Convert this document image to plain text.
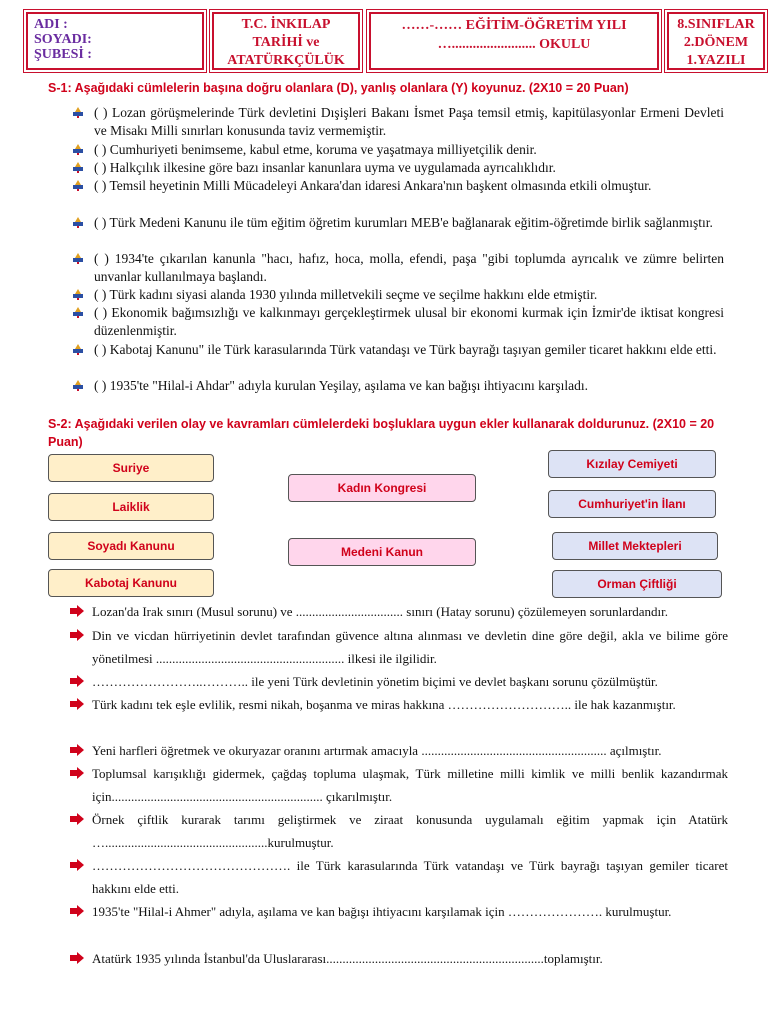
ADI :
SOYADI:
ŞUBESİ :
T.C. İNKILAP
TARİHİ ve
ATATÜRKÇÜLÜK
……-…… EĞİTİM-ÖĞRETİM YILI
…........................ OKULU
8.SINIFLAR
2.DÖNEM
1.YAZILI
S-1: Aşağıdaki cümlelerin başına doğru olanlara (D), yanlış olanlara (Y) koyunuz. (2X10 = 20 Puan)
( ) Lozan görüşmelerinde Türk devletini Dışişleri Bakanı İsmet Paşa temsil etmiş, kapitülasyonlar Ermeni Devleti ve Misakı Milli sınırları konusunda taviz vermemiştir.
( ) Cumhuriyeti benimseme, kabul etme, koruma ve yaşatmaya milliyetçilik denir.
( ) Halkçılık ilkesine göre bazı insanlar kanunlara uyma ve uygulamada ayrıcalıklıdır.
( ) Temsil heyetinin Milli Mücadeleyi Ankara'dan idaresi Ankara'nın başkent olmasında etkili olmuştur.
( ) Türk Medeni Kanunu ile tüm eğitim öğretim kurumları MEB'e bağlanarak eğitim-öğretimde birlik sağlanmıştır.
( ) 1934'te çıkarılan kanunla "hacı, hafız, hoca, molla, efendi, paşa "gibi toplumda ayrıcalık ve zümre belirten unvanlar kullanılmaya başlandı.
( ) Türk kadını siyasi alanda 1930 yılında milletvekili seçme ve seçilme hakkını elde etmiştir.
( ) Ekonomik bağımsızlığı ve kalkınmayı gerçekleştirmek ulusal bir ekonomi kurmak için İzmir'de iktisat kongresi düzenlenmiştir.
( ) Kabotaj Kanunu" ile Türk karasularında Türk vatandaşı ve Türk bayrağı taşıyan gemiler ticaret hakkını elde etti.
( ) 1935'te "Hilal-i Ahdar" adıyla kurulan Yeşilay, aşılama ve kan bağışı ihtiyacını karşıladı.
S-2: Aşağıdaki verilen olay ve kavramları cümlelerdeki boşluklara uygun ekler kullanarak doldurunuz. (2X10 = 20 Puan)
Suriye
Laiklik
Soyadı Kanunu
Kabotaj Kanunu
Kadın Kongresi
Medeni Kanun
Kızılay Cemiyeti
Cumhuriyet'in İlanı
Millet Mektepleri
Orman Çiftliği
Lozan'da Irak sınırı (Musul sorunu) ve ................................. sınırı (Hatay sorunu) çözülemeyen sorunlardandır.
Din ve vicdan hürriyetinin devlet tarafından güvence altına alınması ve devletin dine göre değil, akla ve bilime göre yönetilmesi .......................................................... ilkesi ile ilgilidir.
……………………..……….. ile yeni Türk devletinin yönetim biçimi ve devlet başkanı sorunu çözülmüştür.
Türk kadını tek eşle evlilik, resmi nikah, boşanma ve miras hakkına ……………………….. ile hak kazanmıştır.
Yeni harfleri öğretmek ve okuryazar oranını artırmak amacıyla ......................................................... açılmıştır.
Toplumsal karışıklığı gidermek, çağdaş topluma ulaşmak, Türk milletine milli kimlik ve milli benlik kazandırmak için................................................................. çıkarılmıştır.
Örnek çiftlik kurarak tarımı geliştirmek ve ziraat konusunda uygulamalı eğitim yapmak için Atatürk …..................................................kurulmuştur.
………………………………………. ile Türk karasularında Türk vatandaşı ve Türk bayrağı taşıyan gemiler ticaret hakkını elde etti.
1935'te "Hilal-i Ahmer" adıyla, aşılama ve kan bağışı ihtiyacını karşılamak için …………………. kurulmuştur.
Atatürk 1935 yılında İstanbul'da Uluslararası...................................................................toplamıştır.
